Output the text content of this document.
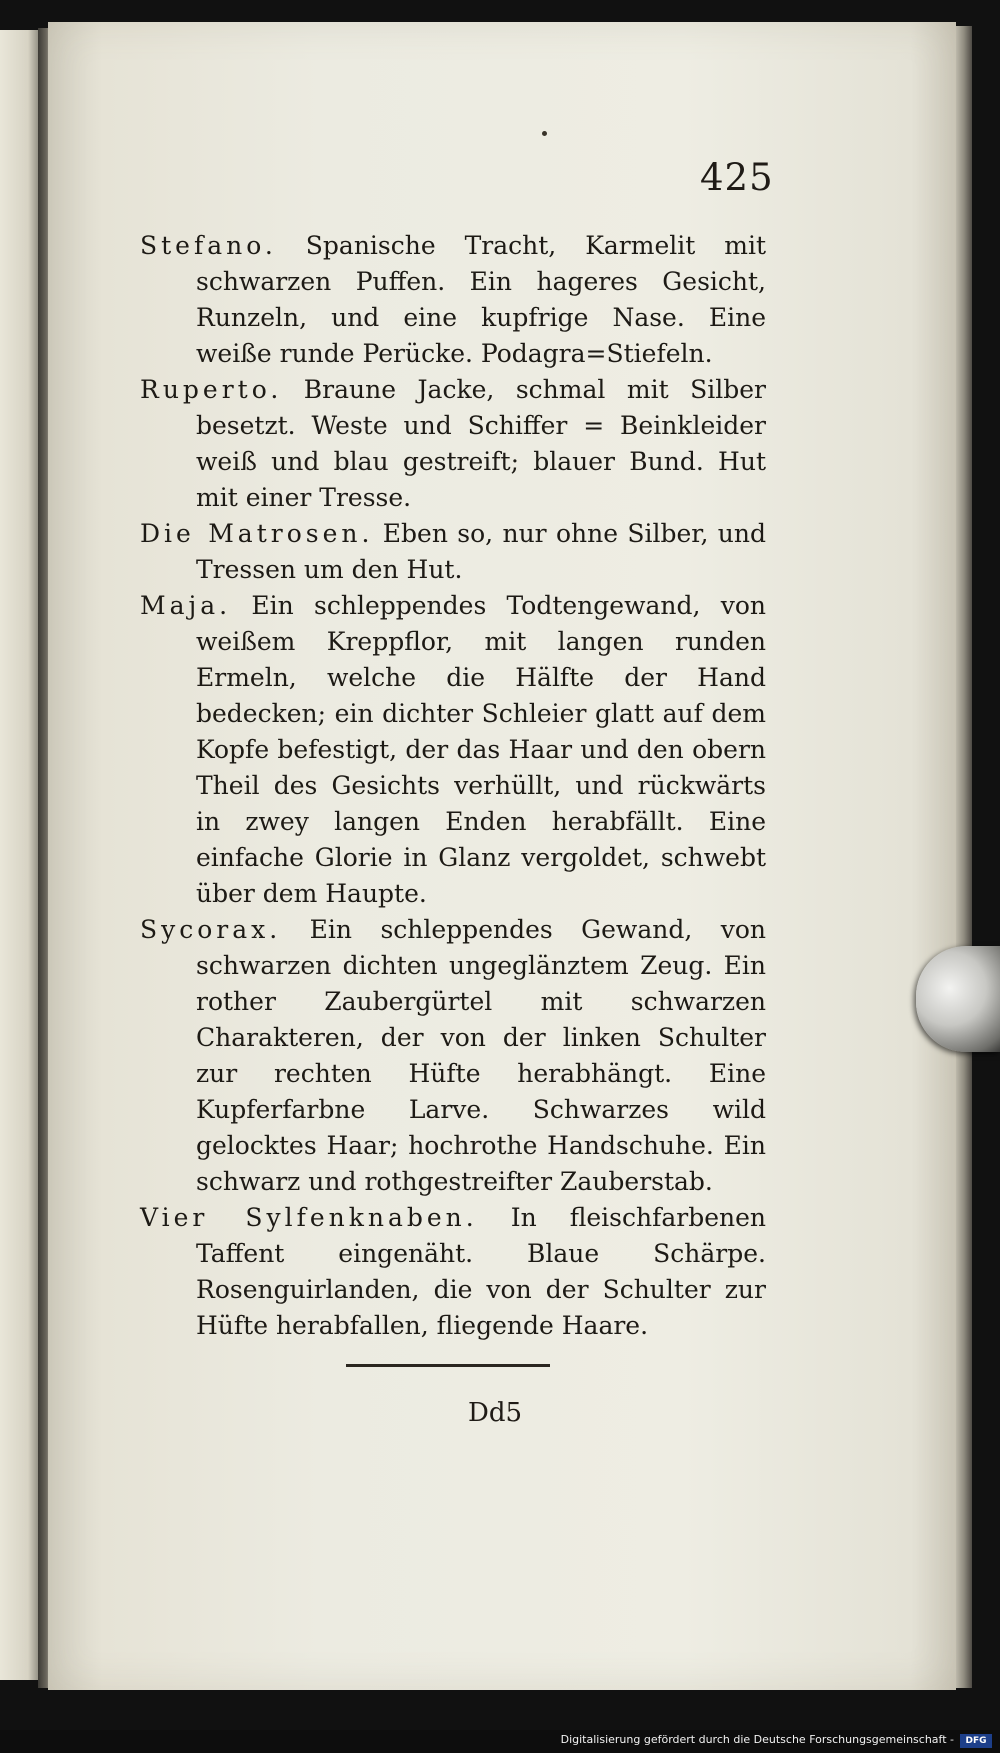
425

Stefano. Spanische Tracht, Karmelit mit schwarzen Puffen. Ein hageres Gesicht, Runzeln, und eine kupfrige Nase. Eine weiße runde Perücke. Podagra=Stiefeln.

Ruperto. Braune Jacke, schmal mit Silber besetzt. Weste und Schiffer = Beinkleider weiß und blau gestreift; blauer Bund. Hut mit einer Tresse.

Die Matrosen. Eben so, nur ohne Silber, und Tressen um den Hut.

Maja. Ein schleppendes Todtengewand, von weißem Kreppflor, mit langen runden Ermeln, welche die Hälfte der Hand bedecken; ein dichter Schleier glatt auf dem Kopfe befestigt, der das Haar und den obern Theil des Gesichts verhüllt, und rückwärts in zwey langen Enden herabfällt. Eine einfache Glorie in Glanz vergoldet, schwebt über dem Haupte.

Sycorax. Ein schleppendes Gewand, von schwarzen dichten ungeglänztem Zeug. Ein rother Zaubergürtel mit schwarzen Charakteren, der von der linken Schulter zur rechten Hüfte herabhängt. Eine Kupferfarbne Larve. Schwarzes wild gelocktes Haar; hochrothe Handschuhe. Ein schwarz und rothgestreifter Zauberstab.

Vier Sylfenknaben. In fleischfarbenen Taffent eingenäht. Blaue Schärpe. Rosenguirlanden, die von der Schulter zur Hüfte herabfallen, fliegende Haare.

Dd5
Digitalisierung gefördert durch die Deutsche Forschungsgemeinschaft -	DFG
